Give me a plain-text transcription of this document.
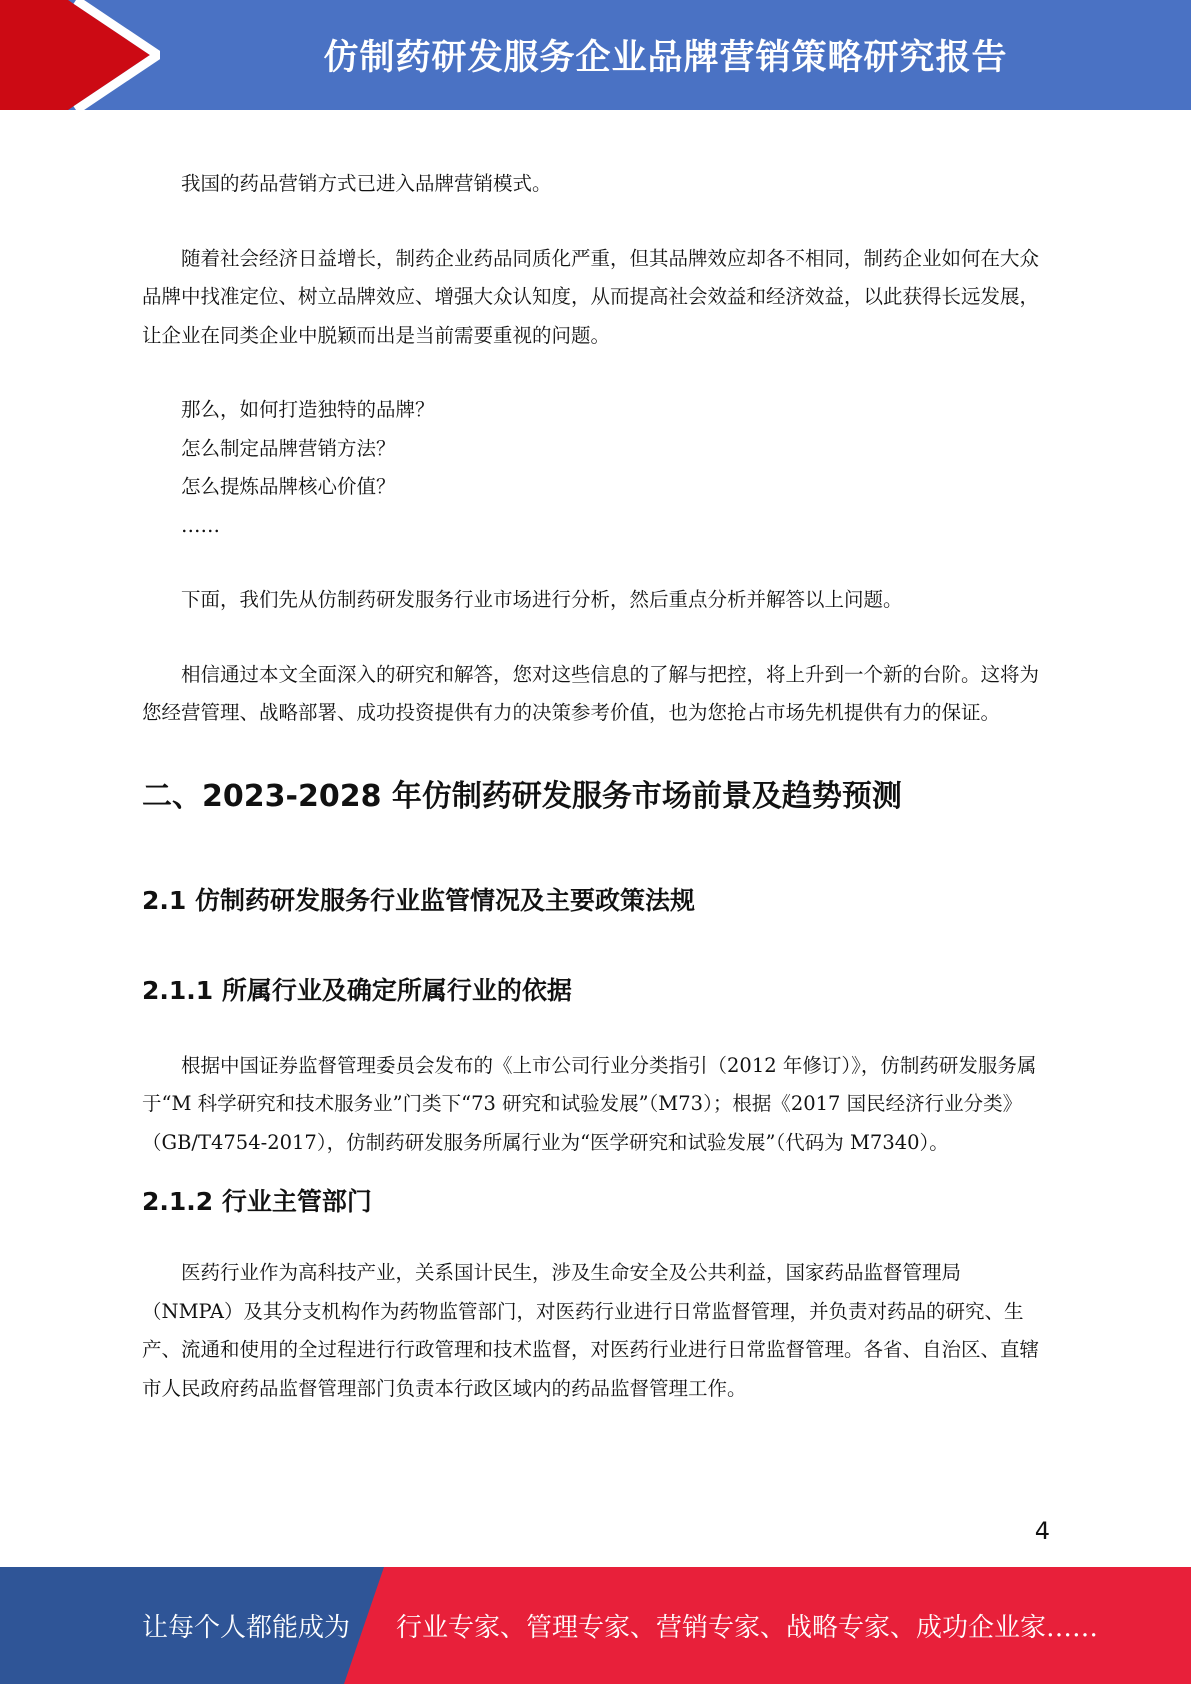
仿制药研发服务企业品牌营销策略研究报告

我国的药品营销方式已进入品牌营销模式。

随着社会经济日益增长，制药企业药品同质化严重，但其品牌效应却各不相同，制药企业如何在大众品牌中找准定位、树立品牌效应、增强大众认知度，从而提高社会效益和经济效益，以此获得长远发展，让企业在同类企业中脱颖而出是当前需要重视的问题。

那么，如何打造独特的品牌？

怎么制定品牌营销方法？

怎么提炼品牌核心价值？

……

下面，我们先从仿制药研发服务行业市场进行分析，然后重点分析并解答以上问题。

相信通过本文全面深入的研究和解答，您对这些信息的了解与把控，将上升到一个新的台阶。这将为您经营管理、战略部署、成功投资提供有力的决策参考价值，也为您抢占市场先机提供有力的保证。

二、2023-2028 年仿制药研发服务市场前景及趋势预测
2.1 仿制药研发服务行业监管情况及主要政策法规
2.1.1 所属行业及确定所属行业的依据

根据中国证券监督管理委员会发布的《上市公司行业分类指引（2012 年修订）》，仿制药研发服务属于“M 科学研究和技术服务业”门类下“73 研究和试验发展”（M73）；根据《2017 国民经济行业分类》（GB/T4754-2017），仿制药研发服务所属行业为“医学研究和试验发展”（代码为 M7340）。

2.1.2 行业主管部门

医药行业作为高科技产业，关系国计民生，涉及生命安全及公共利益，国家药品监督管理局（NMPA）及其分支机构作为药物监管部门，对医药行业进行日常监督管理，并负责对药品的研究、生产、流通和使用的全过程进行行政管理和技术监督，对医药行业进行日常监督管理。各省、自治区、直辖市人民政府药品监督管理部门负责本行政区域内的药品监督管理工作。

4
让每个人都能成为 行业专家、管理专家、营销专家、战略专家、成功企业家……
